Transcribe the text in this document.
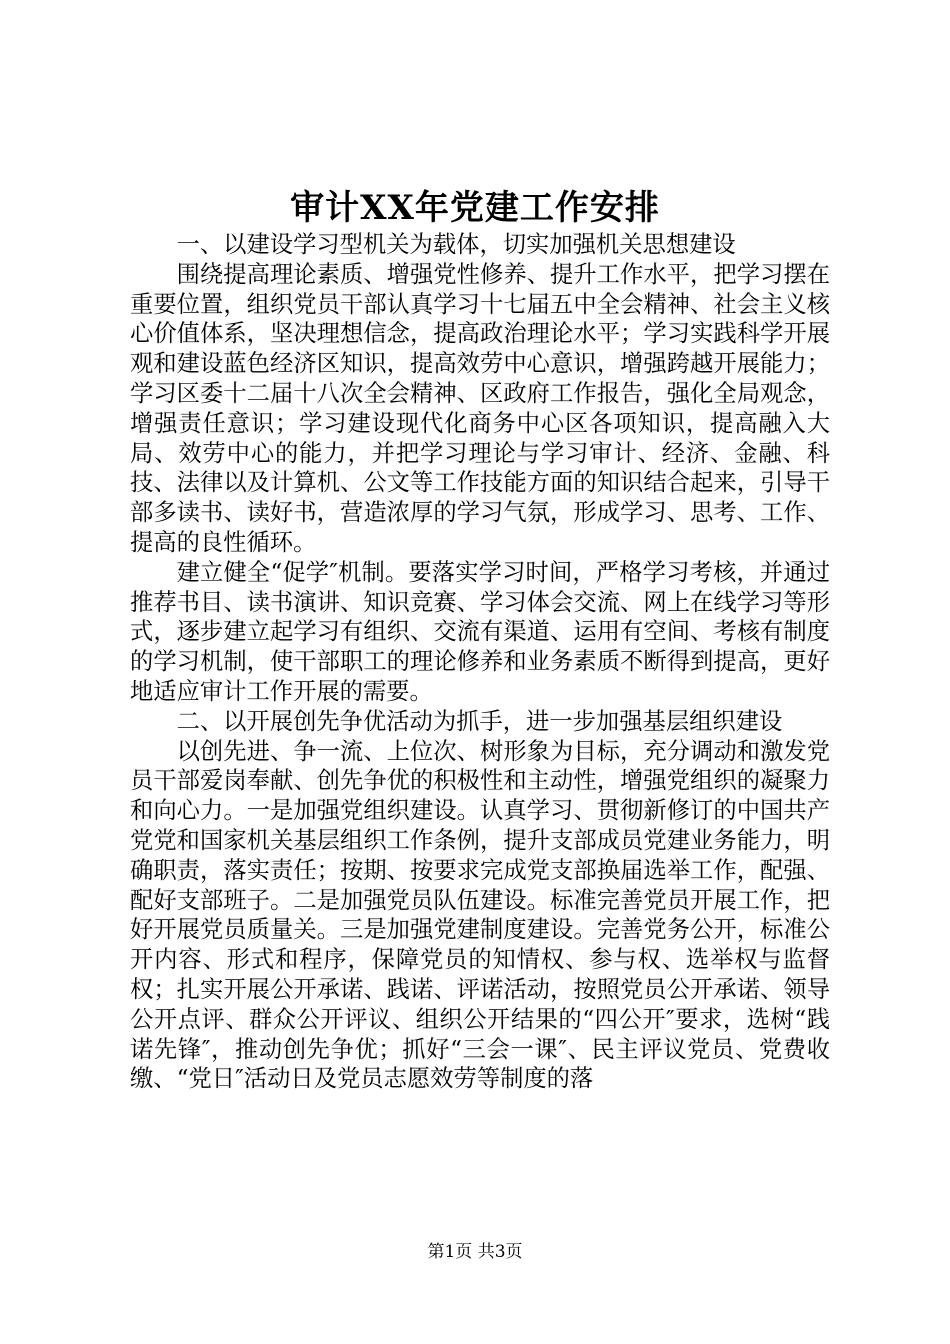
审计XX年党建工作安排

一、以建设学习型机关为载体，切实加强机关思想建设

围绕提高理论素质、增强党性修养、提升工作水平，把学习摆在重要位置，组织党员干部认真学习十七届五中全会精神、社会主义核心价值体系，坚决理想信念，提高政治理论水平；学习实践科学开展观和建设蓝色经济区知识，提高效劳中心意识，增强跨越开展能力；学习区委十二届十八次全会精神、区政府工作报告，强化全局观念，增强责任意识；学习建设现代化商务中心区各项知识，提高融入大局、效劳中心的能力，并把学习理论与学习审计、经济、金融、科技、法律以及计算机、公文等工作技能方面的知识结合起来，引导干部多读书、读好书，营造浓厚的学习气氛，形成学习、思考、工作、提高的良性循环。

建立健全“促学″机制。要落实学习时间，严格学习考核，并通过推荐书目、读书演讲、知识竞赛、学习体会交流、网上在线学习等形式，逐步建立起学习有组织、交流有渠道、运用有空间、考核有制度的学习机制，使干部职工的理论修养和业务素质不断得到提高，更好地适应审计工作开展的需要。

二、以开展创先争优活动为抓手，进一步加强基层组织建设

以创先进、争一流、上位次、树形象为目标，充分调动和激发党员干部爱岗奉献、创先争优的积极性和主动性，增强党组织的凝聚力和向心力。一是加强党组织建设。认真学习、贯彻新修订的中国共产党党和国家机关基层组织工作条例，提升支部成员党建业务能力，明确职责，落实责任；按期、按要求完成党支部换届选举工作，配强、配好支部班子。二是加强党员队伍建设。标准完善党员开展工作，把好开展党员质量关。三是加强党建制度建设。完善党务公开，标准公开内容、形式和程序，保障党员的知情权、参与权、选举权与监督权；扎实开展公开承诺、践诺、评诺活动，按照党员公开承诺、领导公开点评、群众公开评议、组织公开结果的“四公开″要求，选树“践诺先锋″，推动创先争优；抓好“三会一课″、民主评议党员、党费收缴、“党日″活动日及党员志愿效劳等制度的落

第1页 共3页
